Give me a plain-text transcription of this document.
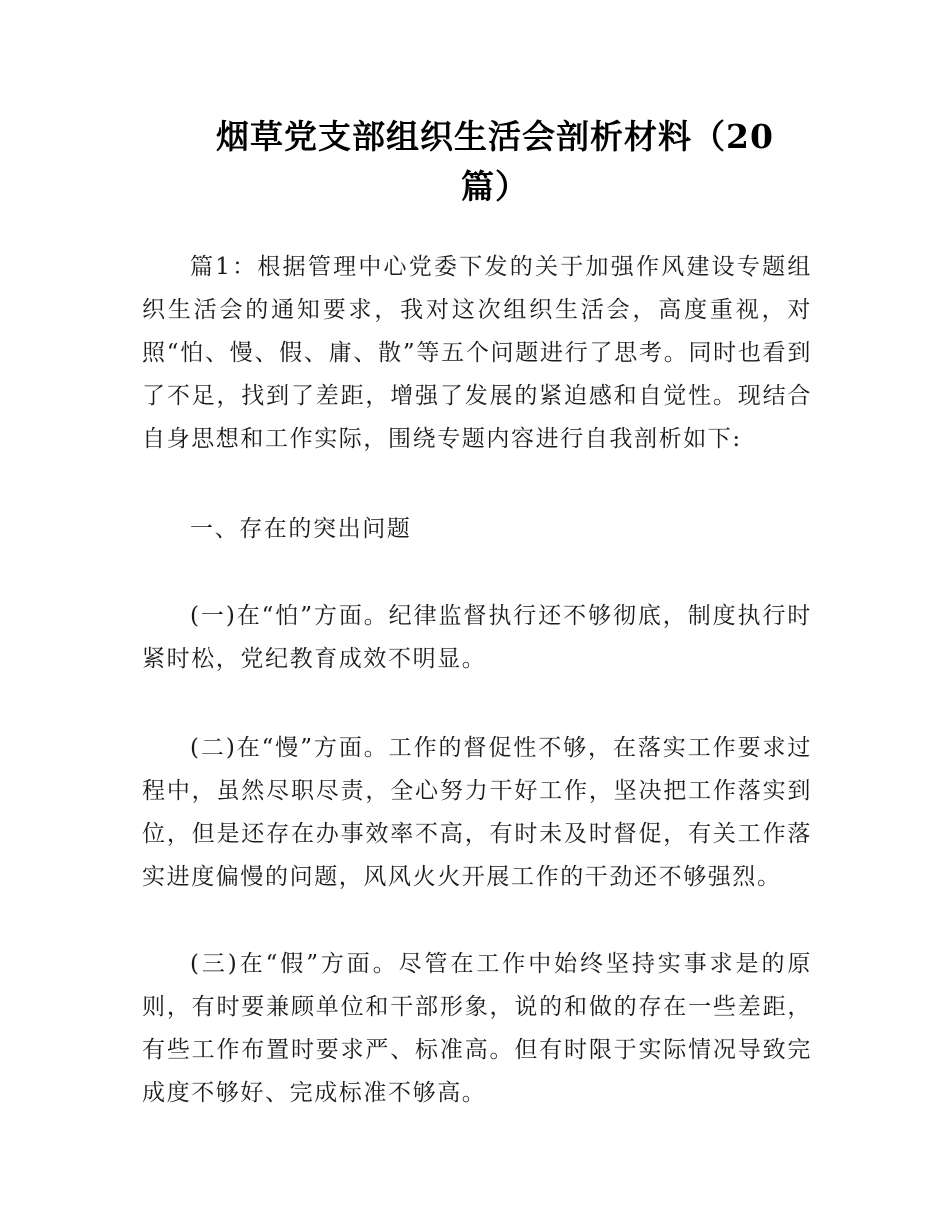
烟草党支部组织生活会剖析材料（20篇）

篇1：根据管理中心党委下发的关于加强作风建设专题组织生活会的通知要求，我对这次组织生活会，高度重视，对照“怕、慢、假、庸、散”等五个问题进行了思考。同时也看到了不足，找到了差距，增强了发展的紧迫感和自觉性。现结合自身思想和工作实际，围绕专题内容进行自我剖析如下:

一、存在的突出问题

(一)在“怕”方面。纪律监督执行还不够彻底，制度执行时紧时松，党纪教育成效不明显。

(二)在“慢”方面。工作的督促性不够，在落实工作要求过程中，虽然尽职尽责，全心努力干好工作，坚决把工作落实到位，但是还存在办事效率不高，有时未及时督促，有关工作落实进度偏慢的问题，风风火火开展工作的干劲还不够强烈。

(三)在“假”方面。尽管在工作中始终坚持实事求是的原则，有时要兼顾单位和干部形象，说的和做的存在一些差距，有些工作布置时要求严、标准高。但有时限于实际情况导致完成度不够好、完成标准不够高。
